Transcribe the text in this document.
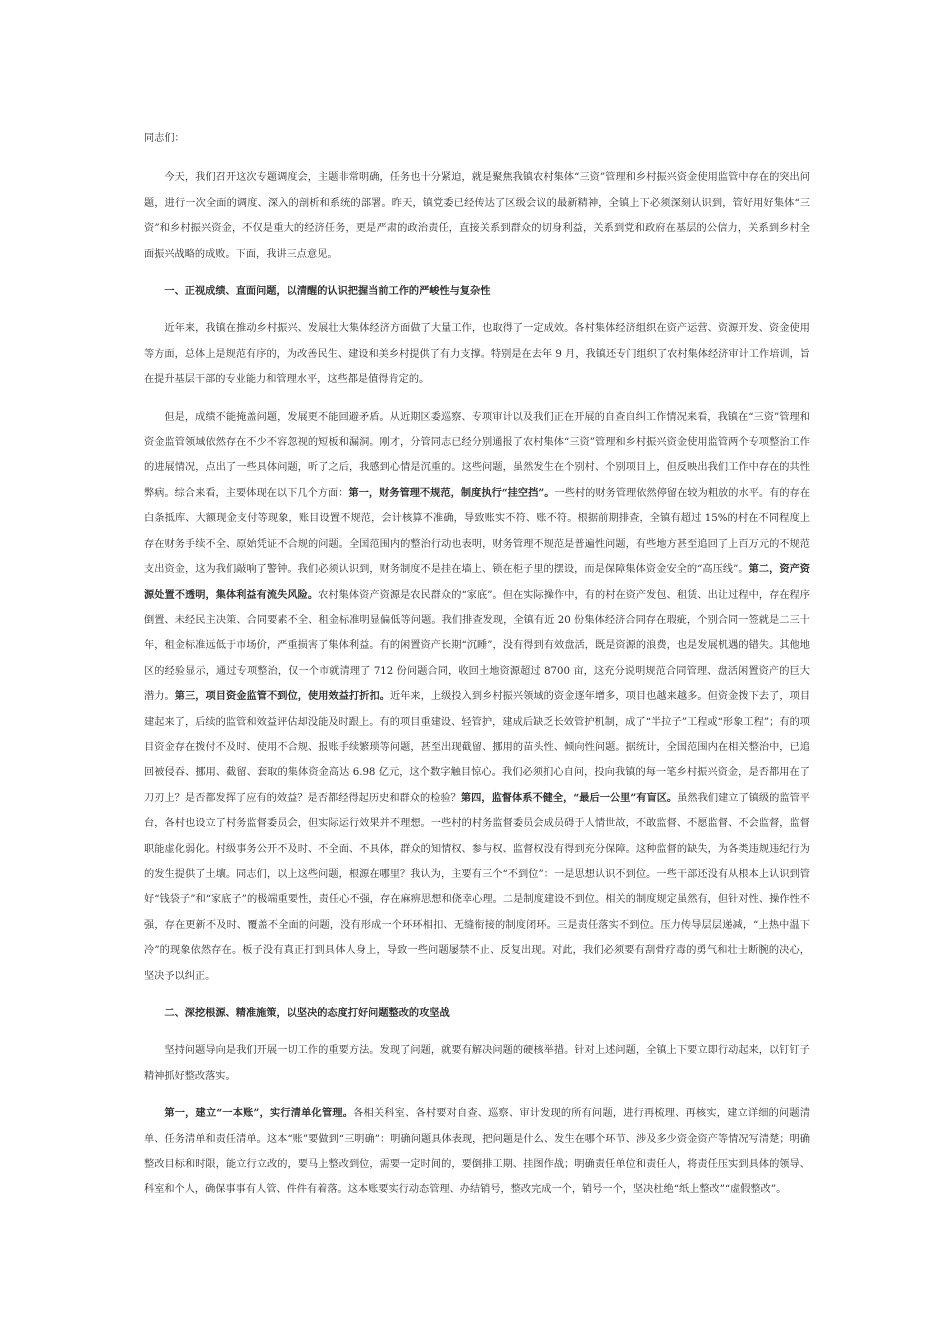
同志们：

今天，我们召开这次专题调度会，主题非常明确，任务也十分紧迫，就是聚焦我镇农村集体“三资”管理和乡村振兴资金使用监管中存在的突出问题，进行一次全面的调度、深入的剖析和系统的部署。昨天，镇党委已经传达了区级会议的最新精神，全镇上下必须深刻认识到，管好用好集体“三资”和乡村振兴资金，不仅是重大的经济任务，更是严肃的政治责任，直接关系到群众的切身利益，关系到党和政府在基层的公信力，关系到乡村全面振兴战略的成败。下面，我讲三点意见。

一、正视成绩、直面问题，以清醒的认识把握当前工作的严峻性与复杂性

近年来，我镇在推动乡村振兴、发展壮大集体经济方面做了大量工作，也取得了一定成效。各村集体经济组织在资产运营、资源开发、资金使用等方面，总体上是规范有序的，为改善民生、建设和美乡村提供了有力支撑。特别是在去年 9 月，我镇还专门组织了农村集体经济审计工作培训，旨在提升基层干部的专业能力和管理水平，这些都是值得肯定的。

但是，成绩不能掩盖问题，发展更不能回避矛盾。从近期区委巡察、专项审计以及我们正在开展的自查自纠工作情况来看，我镇在“三资”管理和资金监管领域依然存在不少不容忽视的短板和漏洞。刚才，分管同志已经分别通报了农村集体“三资”管理和乡村振兴资金使用监管两个专项整治工作的进展情况，点出了一些具体问题，听了之后，我感到心情是沉重的。这些问题，虽然发生在个别村、个别项目上，但反映出我们工作中存在的共性弊病。综合来看，主要体现在以下几个方面：第一，财务管理不规范，制度执行“挂空挡”。一些村的财务管理依然停留在较为粗放的水平。有的存在白条抵库、大额现金支付等现象，账目设置不规范，会计核算不准确，导致账实不符、账不符。根据前期排查，全镇有超过 15%的村在不同程度上存在财务手续不全、原始凭证不合规的问题。全国范围内的整治行动也表明，财务管理不规范是普遍性问题，有些地方甚至追回了上百万元的不规范支出资金，这为我们敲响了警钟。我们必须认识到，财务制度不是挂在墙上、锁在柜子里的摆设，而是保障集体资金安全的“高压线”。第二，资产资源处置不透明，集体利益有流失风险。农村集体资产资源是农民群众的“家底”。但在实际操作中，有的村在资产发包、租赁、出让过程中，存在程序倒置、未经民主决策、合同要素不全、租金标准明显偏低等问题。我们排查发现，全镇有近 20 份集体经济合同存在瑕疵，个别合同一签就是二三十年，租金标准远低于市场价，严重损害了集体利益。有的闲置资产长期“沉睡”，没有得到有效盘活，既是资源的浪费，也是发展机遇的错失。其他地区的经验显示，通过专项整治，仅一个市就清理了 712 份问题合同，收回土地资源超过 8700 亩，这充分说明规范合同管理、盘活闲置资产的巨大潜力。第三，项目资金监管不到位，使用效益打折扣。近年来，上级投入到乡村振兴领域的资金逐年增多，项目也越来越多。但资金拨下去了，项目建起来了，后续的监管和效益评估却没能及时跟上。有的项目重建设、轻管护，建成后缺乏长效管护机制，成了“半拉子”工程或“形象工程”；有的项目资金存在拨付不及时、使用不合规、报账手续繁琐等问题，甚至出现截留、挪用的苗头性、倾向性问题。据统计，全国范围内在相关整治中，已追回被侵吞、挪用、截留、套取的集体资金高达 6.98 亿元，这个数字触目惊心。我们必须扪心自问，投向我镇的每一笔乡村振兴资金，是否都用在了刀刃上？是否都发挥了应有的效益？是否都经得起历史和群众的检验？第四，监督体系不健全，“最后一公里”有盲区。虽然我们建立了镇级的监管平台，各村也设立了村务监督委员会，但实际运行效果并不理想。一些村的村务监督委员会成员碍于人情世故，不敢监督、不愿监督、不会监督，监督职能虚化弱化。村级事务公开不及时、不全面、不具体，群众的知情权、参与权、监督权没有得到充分保障。这种监督的缺失，为各类违规违纪行为的发生提供了土壤。同志们，以上这些问题，根源在哪里？我认为，主要有三个“不到位”：一是思想认识不到位。一些干部还没有从根本上认识到管好“钱袋子”和“家底子”的极端重要性，责任心不强，存在麻痹思想和侥幸心理。二是制度建设不到位。相关的制度规定虽然有，但针对性、操作性不强，存在更新不及时、覆盖不全面的问题，没有形成一个环环相扣、无缝衔接的制度闭环。三是责任落实不到位。压力传导层层递减，“上热中温下冷”的现象依然存在。板子没有真正打到具体人身上，导致一些问题屡禁不止、反复出现。对此，我们必须要有刮骨疗毒的勇气和壮士断腕的决心，坚决予以纠正。

二、深挖根源、精准施策，以坚决的态度打好问题整改的攻坚战

坚持问题导向是我们开展一切工作的重要方法。发现了问题，就要有解决问题的硬核举措。针对上述问题，全镇上下要立即行动起来，以钉钉子精神抓好整改落实。

第一，建立“一本账”，实行清单化管理。各相关科室、各村要对自查、巡察、审计发现的所有问题，进行再梳理、再核实，建立详细的问题清单、任务清单和责任清单。这本“账”要做到“三明确”：明确问题具体表现，把问题是什么、发生在哪个环节、涉及多少资金资产等情况写清楚；明确整改目标和时限，能立行立改的，要马上整改到位，需要一定时间的，要倒排工期、挂图作战；明确责任单位和责任人，将责任压实到具体的领导、科室和个人，确保事事有人管、件件有着落。这本账要实行动态管理、办结销号，整改完成一个，销号一个，坚决杜绝“纸上整改”“虚假整改”。
